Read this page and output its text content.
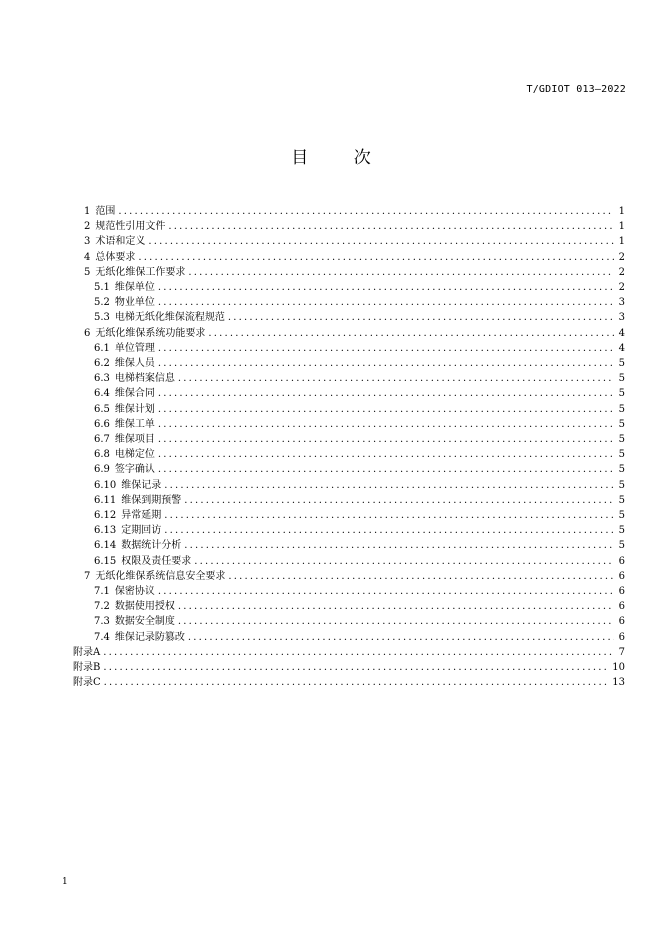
T/GDIOT 013—2022
目 次
1 范围 .....	1
2 规范性引用文件 .....	1
3 术语和定义 .....	1
4 总体要求 .....	2
5 无纸化维保工作要求 .....	2
5.1 维保单位 .....	2
5.2 物业单位 .....	3
5.3 电梯无纸化维保流程规范 .....	3
6 无纸化维保系统功能要求 .....	4
6.1 单位管理 .....	4
6.2 维保人员 .....	5
6.3 电梯档案信息 .....	5
6.4 维保合同 .....	5
6.5 维保计划 .....	5
6.6 维保工单 .....	5
6.7 维保项目 .....	5
6.8 电梯定位 .....	5
6.9 签字确认 .....	5
6.10 维保记录 .....	5
6.11 维保到期预警 .....	5
6.12 异常延期 .....	5
6.13 定期回访 .....	5
6.14 数据统计分析 .....	5
6.15 权限及责任要求 .....	6
7 无纸化维保系统信息安全要求 .....	6
7.1 保密协议 .....	6
7.2 数据使用授权 .....	6
7.3 数据安全制度 .....	6
7.4 维保记录防篡改 .....	6
附录A .....	7
附录B .....	10
附录C .....	13
1
